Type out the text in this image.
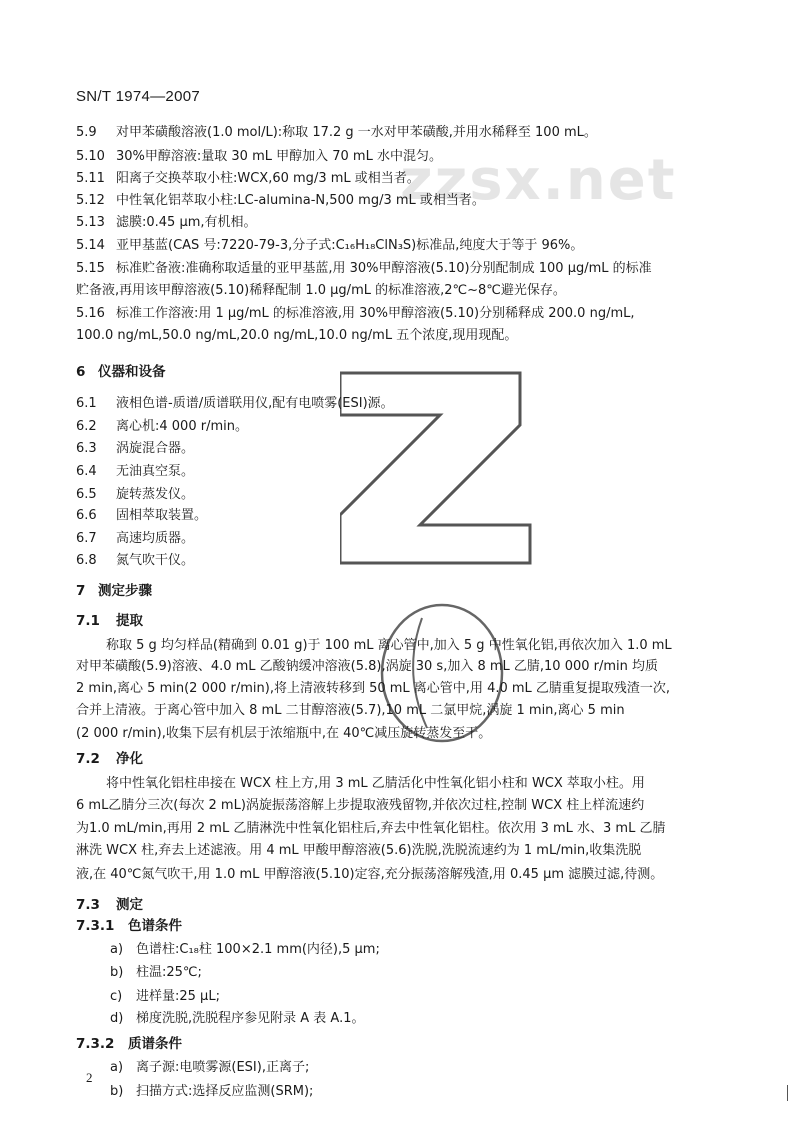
SN/T 1974—2007
zzsx.net
5.9 对甲苯磺酸溶液(1.0 mol/L):称取 17.2 g 一水对甲苯磺酸,并用水稀释至 100 mL。
5.10 30%甲醇溶液:量取 30 mL 甲醇加入 70 mL 水中混匀。
5.11 阳离子交换萃取小柱:WCX,60 mg/3 mL 或相当者。
5.12 中性氧化铝萃取小柱:LC-alumina-N,500 mg/3 mL 或相当者。
5.13 滤膜:0.45 μm,有机相。
5.14 亚甲基蓝(CAS 号:7220-79-3,分子式:C₁₆H₁₈ClN₃S)标准品,纯度大于等于 96%。
5.15 标准贮备液:准确称取适量的亚甲基蓝,用 30%甲醇溶液(5.10)分别配制成 100 μg/mL 的标准
贮备液,再用该甲醇溶液(5.10)稀释配制 1.0 μg/mL 的标准溶液,2℃~8℃避光保存。
5.16 标准工作溶液:用 1 μg/mL 的标准溶液,用 30%甲醇溶液(5.10)分别稀释成 200.0 ng/mL,
100.0 ng/mL,50.0 ng/mL,20.0 ng/mL,10.0 ng/mL 五个浓度,现用现配。
6 仪器和设备
6.1 液相色谱-质谱/质谱联用仪,配有电喷雾(ESI)源。
6.2 离心机:4 000 r/min。
6.3 涡旋混合器。
6.4 无油真空泵。
6.5 旋转蒸发仪。
6.6 固相萃取装置。
6.7 高速均质器。
6.8 氮气吹干仪。
7 测定步骤
7.1 提取
称取 5 g 均匀样品(精确到 0.01 g)于 100 mL 离心管中,加入 5 g 中性氧化铝,再依次加入 1.0 mL
对甲苯磺酸(5.9)溶液、4.0 mL 乙酸钠缓冲溶液(5.8),涡旋 30 s,加入 8 mL 乙腈,10 000 r/min 均质
2 min,离心 5 min(2 000 r/min),将上清液转移到 50 mL 离心管中,用 4.0 mL 乙腈重复提取残渣一次,
合并上清液。于离心管中加入 8 mL 二甘醇溶液(5.7),10 mL 二氯甲烷,涡旋 1 min,离心 5 min
(2 000 r/min),收集下层有机层于浓缩瓶中,在 40℃减压旋转蒸发至干。
7.2 净化
将中性氧化铝柱串接在 WCX 柱上方,用 3 mL 乙腈活化中性氧化铝小柱和 WCX 萃取小柱。用
6 mL乙腈分三次(每次 2 mL)涡旋振荡溶解上步提取液残留物,并依次过柱,控制 WCX 柱上样流速约
为1.0 mL/min,再用 2 mL 乙腈淋洗中性氧化铝柱后,弃去中性氧化铝柱。依次用 3 mL 水、3 mL 乙腈
淋洗 WCX 柱,弃去上述滤液。用 4 mL 甲酸甲醇溶液(5.6)洗脱,洗脱流速约为 1 mL/min,收集洗脱
液,在 40℃氮气吹干,用 1.0 mL 甲醇溶液(5.10)定容,充分振荡溶解残渣,用 0.45 μm 滤膜过滤,待测。
7.3 测定
7.3.1 色谱条件
a) 色谱柱:C₁₈柱 100×2.1 mm(内径),5 μm;
b) 柱温:25℃;
c) 进样量:25 μL;
d) 梯度洗脱,洗脱程序参见附录 A 表 A.1。
7.3.2 质谱条件
a) 离子源:电喷雾源(ESI),正离子;
b) 扫描方式:选择反应监测(SRM);
2
